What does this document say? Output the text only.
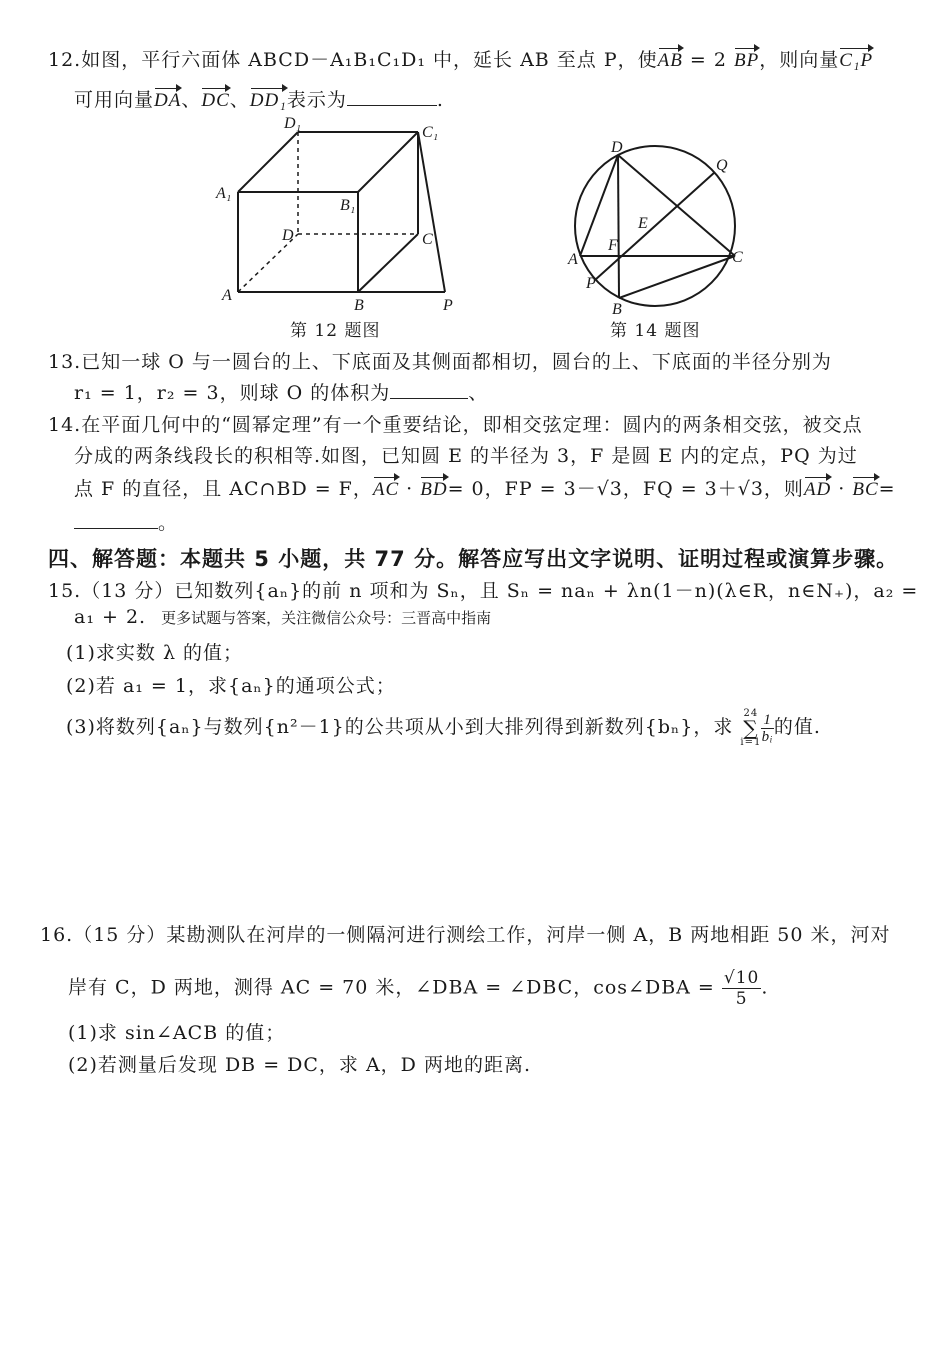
12.如图，平行六面体 ABCD－A₁B₁C₁D₁ 中，延长 AB 至点 P，使AB = 2 BP，则向量C₁P
可用向量DA、DC、DD₁表示为	.
D₁
C₁
A₁
B₁
D	C
A
B	P
第 12 题图
D
Q
E
F
A	C
P
B
第 14 题图
13.已知一球 O 与一圆台的上、下底面及其侧面都相切，圆台的上、下底面的半径分别为
r₁ = 1，r₂ = 3，则球 O 的体积为	、
14.在平面几何中的“圆幂定理”有一个重要结论，即相交弦定理：圆内的两条相交弦，被交点
分成的两条线段长的积相等.如图，已知圆 E 的半径为 3，F 是圆 E 内的定点，PQ 为过
点 F 的直径，且 AC∩BD = F，AC · BD= 0，FP = 3－√3，FQ = 3＋√3，则AD · BC=
。
四、解答题：本题共 5 小题，共 77 分。解答应写出文字说明、证明过程或演算步骤。
15.（13 分）已知数列{aₙ}的前 n 项和为 Sₙ，且 Sₙ = naₙ + λn(1－n)(λ∈R，n∈N₊)，a₂ =
a₁ + 2. 更多试题与答案，关注微信公众号：三晋高中指南
(1)求实数 λ 的值；
(2)若 a₁ = 1，求{aₙ}的通项公式；
(3)将数列{aₙ}与数列{n²－1}的公共项从小到大排列得到新数列{bₙ}，求
24
∑
$i=1 \frac{1}{\text{bᵢ}}$ 的值.
16.（15 分）某勘测队在河岸的一侧隔河进行测绘工作，河岸一侧 A，B 两地相距 50 米，河对
岸有 C，D 两地，测得 AC = 70 米，∠DBA = ∠DBC，cos∠DBA = $\frac{√10}{5}$ .
(1)求 sin∠ACB 的值；
(2)若测量后发现 DB = DC，求 A，D 两地的距离.
